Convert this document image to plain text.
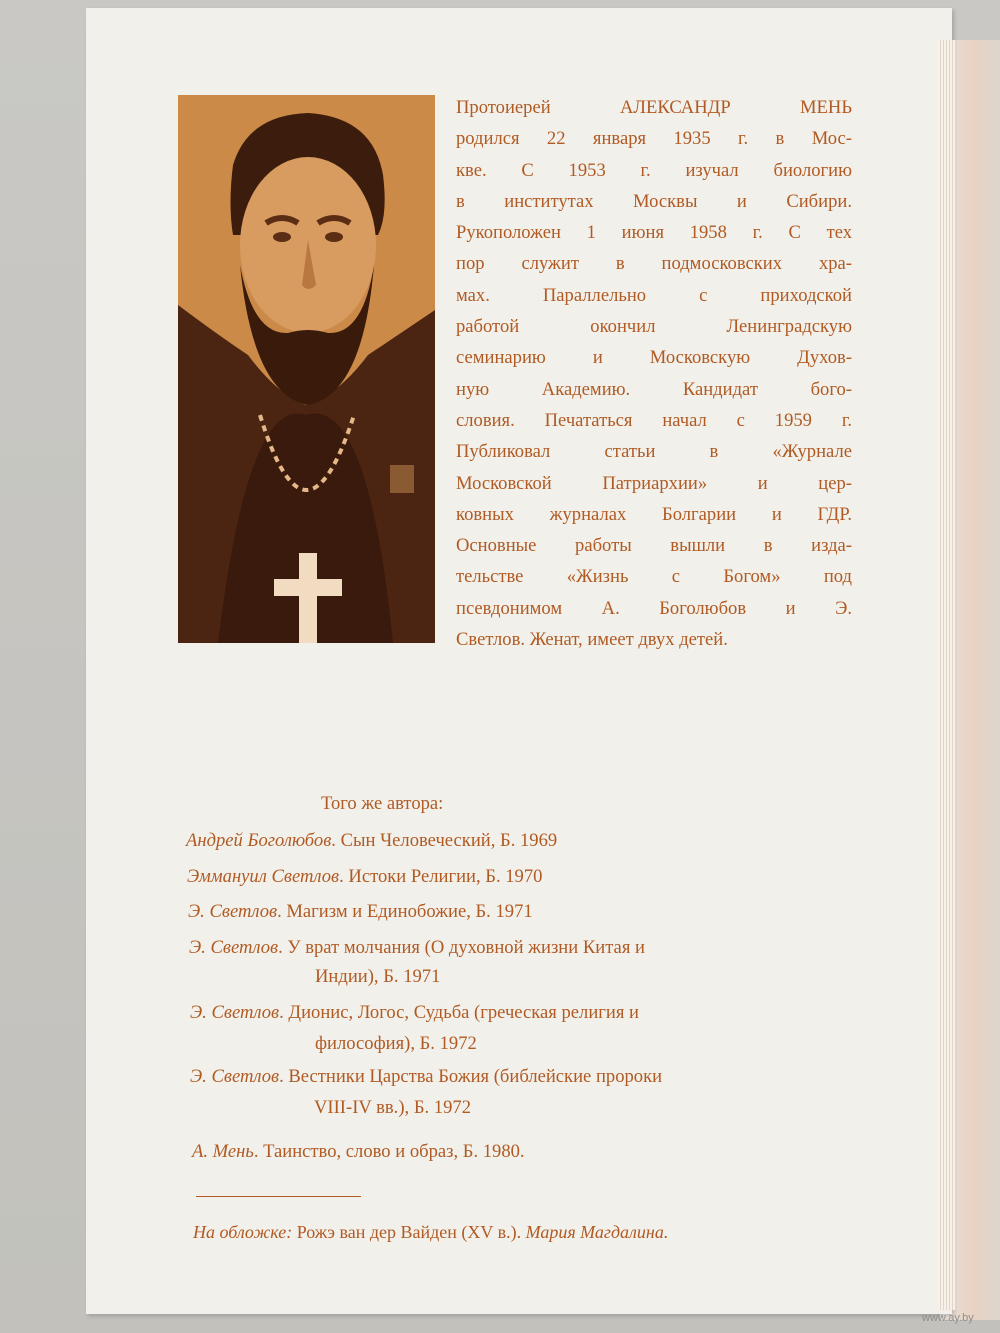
Протоиерей АЛЕКСАНДР МЕНЬ
родился 22 января 1935 г. в Мос-
кве. С 1953 г. изучал биологию
в институтах Москвы и Сибири.
Рукоположен 1 июня 1958 г. С тех
пор служит в подмосковских хра-
мах. Параллельно с приходской
работой окончил Ленинградскую
семинарию и Московскую Духов-
ную Академию. Кандидат бого-
словия. Печататься начал с 1959 г.
Публиковал статьи в «Журнале
Московской Патриархии» и цер-
ковных журналах Болгарии и ГДР.
Основные работы вышли в изда-
тельстве «Жизнь с Богом» под
псевдонимом А. Боголюбов и Э.
Светлов. Женат, имеет двух детей.

Того же автора:

Андрей Боголюбов. Сын Человеческий, Б. 1969
Эммануил Светлов. Истоки Религии, Б. 1970
Э. Светлов. Магизм и Единобожие, Б. 1971
Э. Светлов. У врат молчания (О духовной жизни Китая и
Индии), Б. 1971
Э. Светлов. Дионис, Логос, Судьба (греческая религия и
философия), Б. 1972
Э. Светлов. Вестники Царства Божия (библейские пророки
VIII-IV вв.), Б. 1972
А. Мень. Таинство, слово и образ, Б. 1980.
На обложке: Рожэ ван дер Вайден (XV в.). Мария Магдалина.
www.ay.by
